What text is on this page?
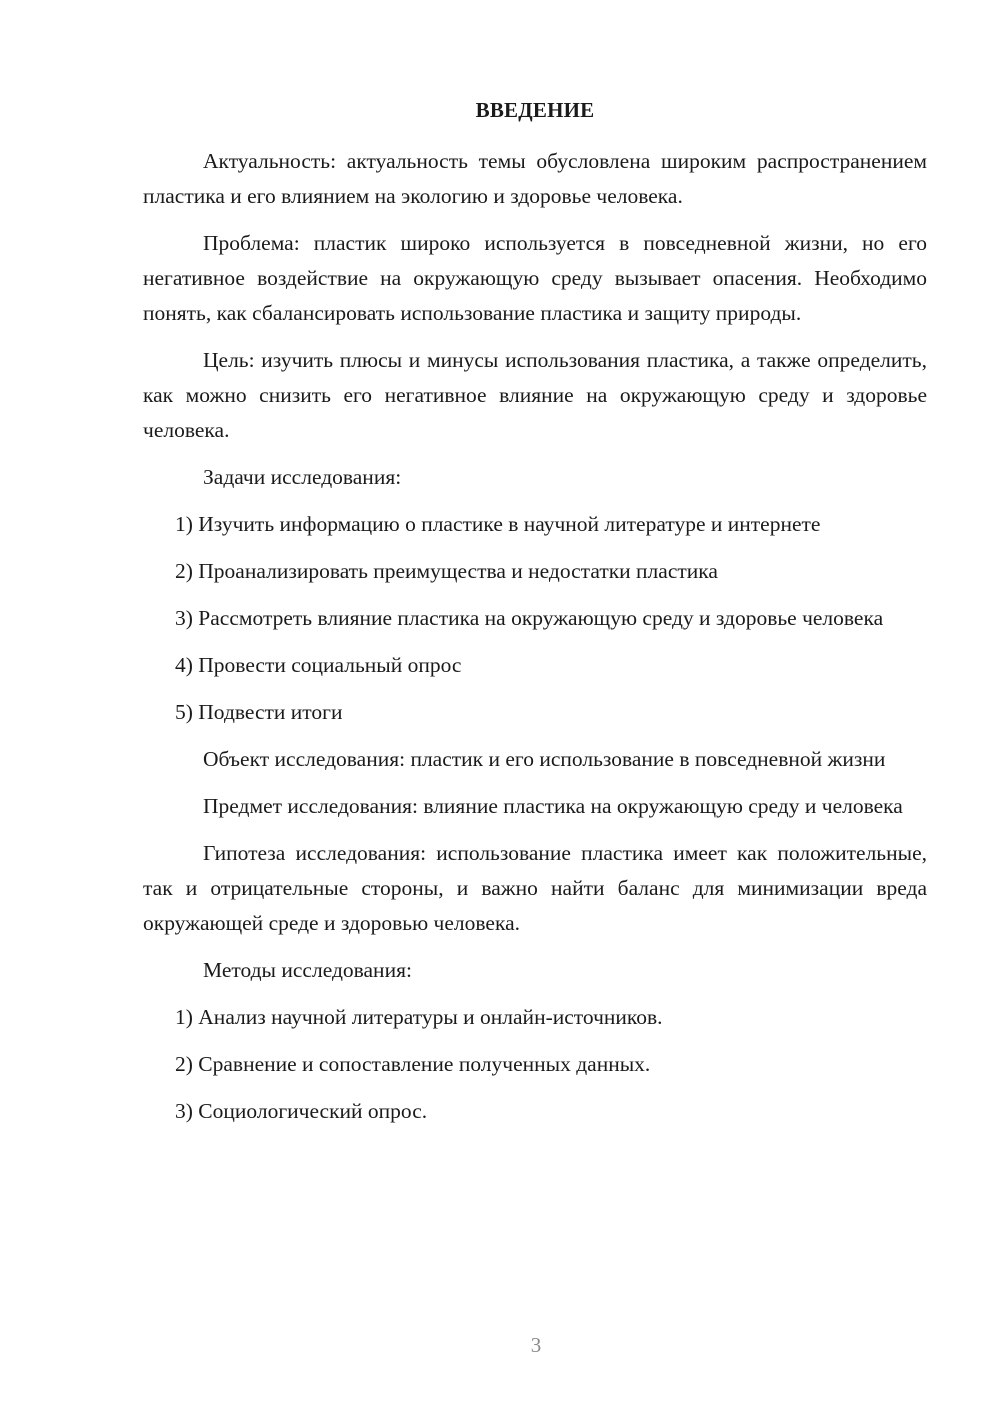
ВВЕДЕНИЕ

Актуальность: актуальность темы обусловлена широким распространением пластика и его влиянием на экологию и здоровье человека.

Проблема: пластик широко используется в повседневной жизни, но его негативное воздействие на окружающую среду вызывает опасения. Необходимо понять, как сбалансировать использование пластика и защиту природы.

Цель: изучить плюсы и минусы использования пластика, а также определить, как можно снизить его негативное влияние на окружающую среду и здоровье человека.

Задачи исследования:

1) Изучить информацию о пластике в научной литературе и интернете

2) Проанализировать преимущества и недостатки пластика

3) Рассмотреть влияние пластика на окружающую среду и здоровье человека

4) Провести социальный опрос

5) Подвести итоги

Объект исследования: пластик и его использование в повседневной жизни

Предмет исследования: влияние пластика на окружающую среду и человека

Гипотеза исследования: использование пластика имеет как положительные, так и отрицательные стороны, и важно найти баланс для минимизации вреда окружающей среде и здоровью человека.

Методы исследования:

1) Анализ научной литературы и онлайн-источников.

2) Сравнение и сопоставление полученных данных.

3) Социологический опрос.

3
